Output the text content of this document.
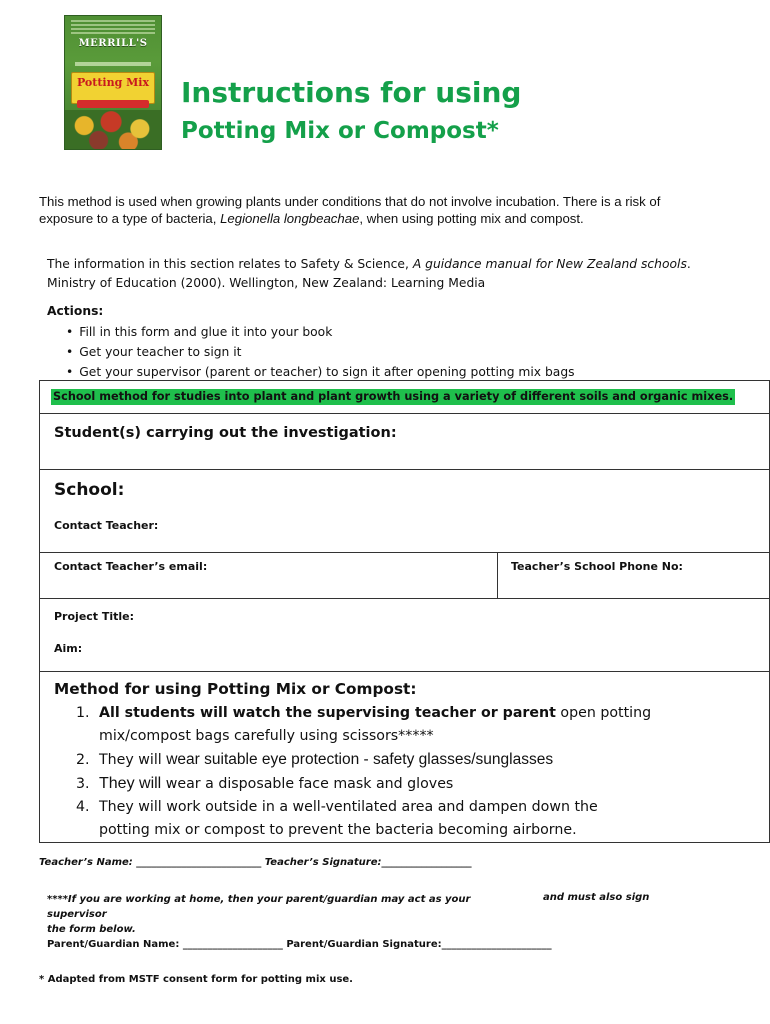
MERRILL'S
Potting Mix Instructions for using
Potting Mix or Compost*

This method is used when growing plants under conditions that do not involve incubation. There is a risk of exposure to a type of bacteria, Legionella longbeachae, when using potting mix and compost.

The information in this section relates to Safety & Science, A guidance manual for New Zealand schools. Ministry of Education (2000). Wellington, New Zealand: Learning Media

Actions:
• Fill in this form and glue it into your book
• Get your teacher to sign it
• Get your supervisor (parent or teacher) to sign it after opening potting mix bags
School method for studies into plant and plant growth using a variety of different soils and organic mixes.
Student(s) carrying out the investigation:
School:
Contact Teacher:
Contact Teacher’s email:	Teacher’s School Phone No:
Project Title:
Aim:
Method for using Potting Mix or Compost:
1. All students will watch the supervising teacher or parent open potting
mix/compost bags carefully using scissors*****
2. They will wear suitable eye protection - safety glasses/sunglasses
3. They will wear a disposable face mask and gloves
4. They will work outside in a well-ventilated area and dampen down the
potting mix or compost to prevent the bacteria becoming airborne.
Teacher’s Name: _________________________ Teacher’s Signature:__________________

****If you are working at home, then your parent/guardian may act as your supervisor
the form below.

and must also sign
Parent/Guardian Name: ____________________ Parent/Guardian Signature:______________________
* Adapted from MSTF consent form for potting mix use.
